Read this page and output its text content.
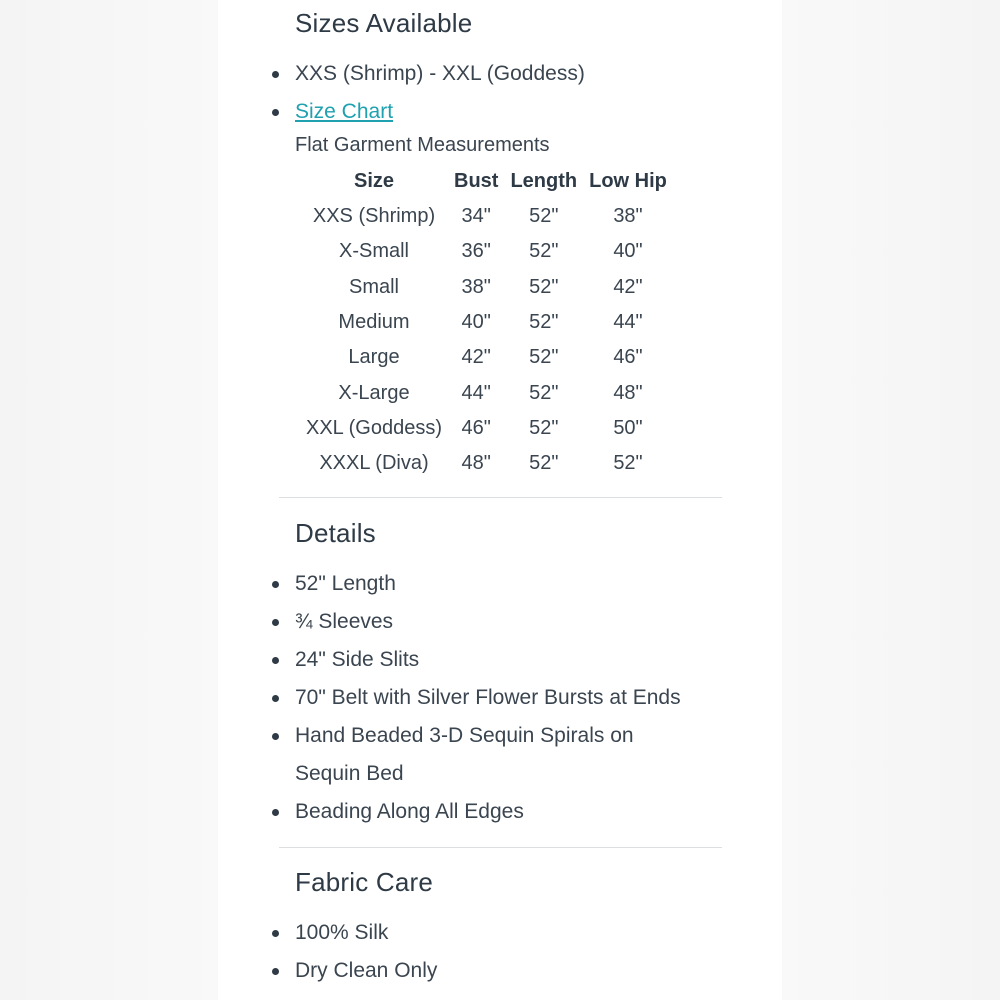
Sizes Available
XXS (Shrimp) - XXL (Goddess)
Size Chart
Flat Garment Measurements
Size	Bust	Length	Low Hip
XXS (Shrimp)	34"	52"	38"
X-Small	36"	52"	40"
Small	38"	52"	42"
Medium	40"	52"	44"
Large	42"	52"	46"
X-Large	44"	52"	48"
XXL (Goddess)	46"	52"	50"
XXXL (Diva)	48"	52"	52"
Details
52" Length
¾ Sleeves
24" Side Slits
70" Belt with Silver Flower Bursts at Ends
Hand Beaded 3-D Sequin Spirals on
Sequin Bed
Beading Along All Edges
Fabric Care
100% Silk
Dry Clean Only
